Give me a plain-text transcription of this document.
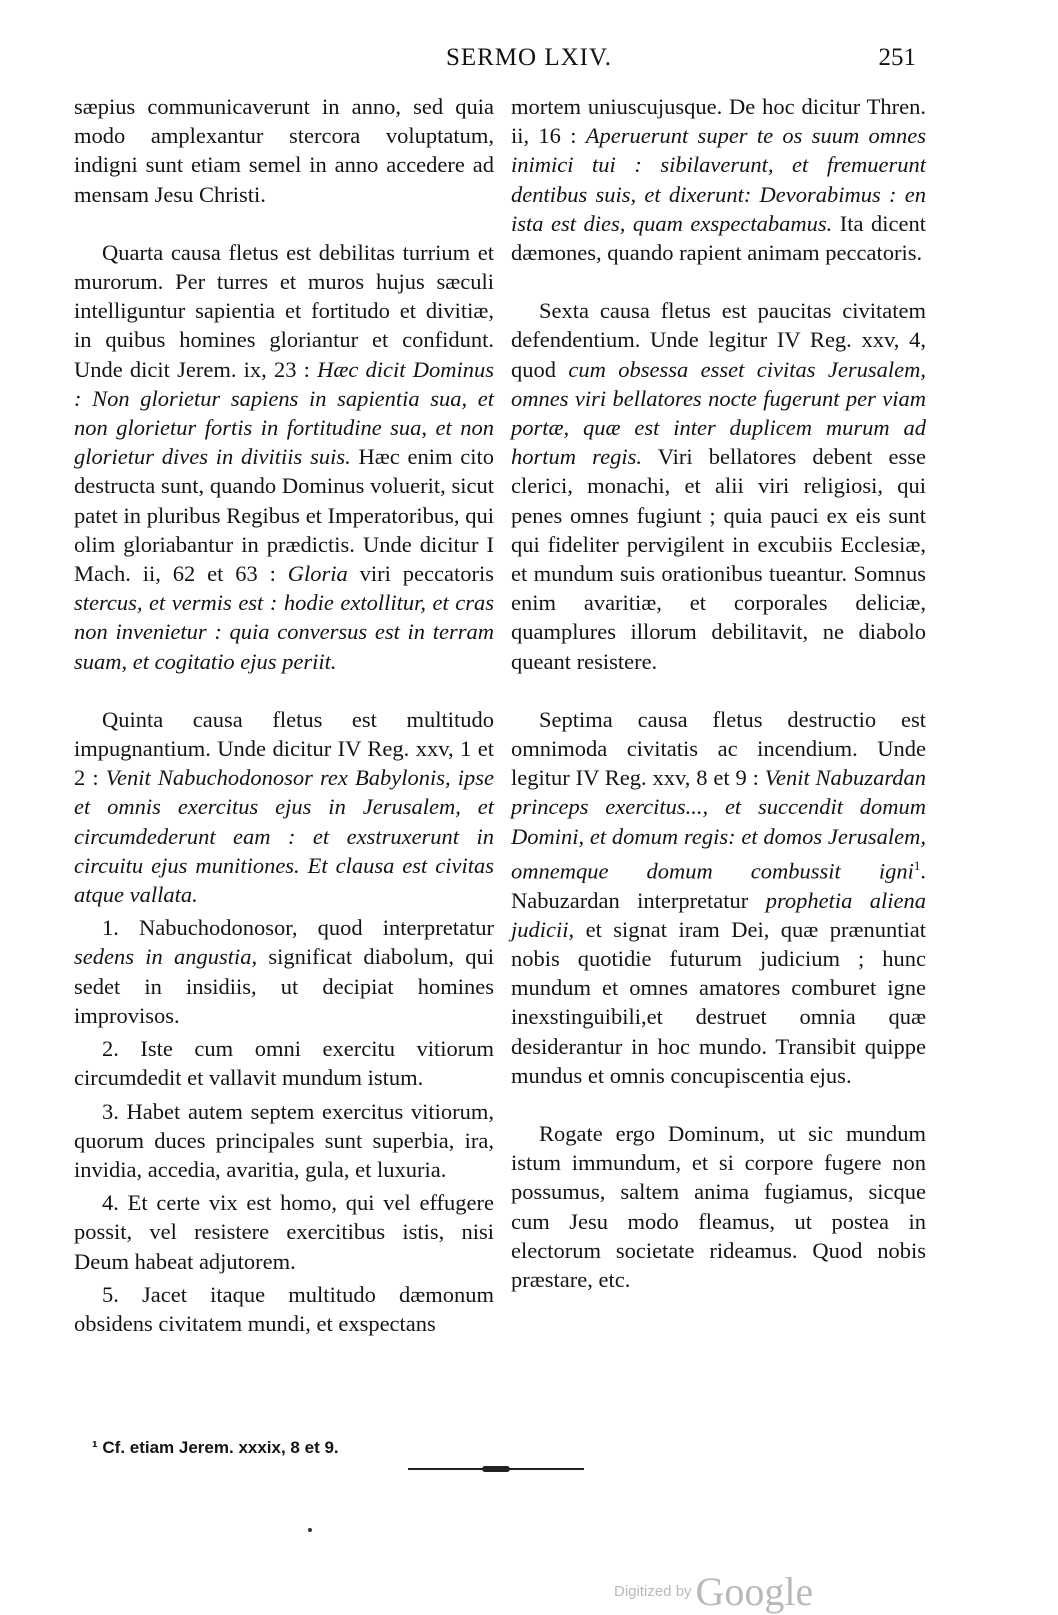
SERMO LXIV.	251

sæpius communicaverunt in anno, sed quia modo amplexantur stercora voluptatum, indigni sunt etiam semel in anno accedere ad mensam Jesu Christi.

Quarta causa fletus est debilitas turrium et murorum. Per turres et muros hujus sæculi intelliguntur sapientia et fortitudo et divitiæ, in quibus homines gloriantur et confidunt. Unde dicit Jerem. ix, 23 : Hæc dicit Dominus : Non glorietur sapiens in sapientia sua, et non glorietur fortis in fortitudine sua, et non glorietur dives in divitiis suis. Hæc enim cito destructa sunt, quando Dominus voluerit, sicut patet in pluribus Regibus et Imperatoribus, qui olim gloriabantur in prædictis. Unde dicitur I Mach. ii, 62 et 63 : Gloria viri peccatoris stercus, et vermis est : hodie extollitur, et cras non invenietur : quia conversus est in terram suam, et cogitatio ejus periit.

Quinta causa fletus est multitudo impugnantium. Unde dicitur IV Reg. xxv, 1 et 2 : Venit Nabuchodonosor rex Babylonis, ipse et omnis exercitus ejus in Jerusalem, et circumdederunt eam : et exstruxerunt in circuitu ejus munitiones. Et clausa est civitas atque vallata.

1. Nabuchodonosor, quod interpretatur sedens in angustia, significat diabolum, qui sedet in insidiis, ut decipiat homines improvisos.

2. Iste cum omni exercitu vitiorum circumdedit et vallavit mundum istum.

3. Habet autem septem exercitus vitiorum, quorum duces principales sunt superbia, ira, invidia, accedia, avaritia, gula, et luxuria.

4. Et certe vix est homo, qui vel effugere possit, vel resistere exercitibus istis, nisi Deum habeat adjutorem.

5. Jacet itaque multitudo dæmonum obsidens civitatem mundi, et exspectans

mortem uniuscujusque. De hoc dicitur Thren. ii, 16 : Aperuerunt super te os suum omnes inimici tui : sibilaverunt, et fremuerunt dentibus suis, et dixerunt: Devorabimus : en ista est dies, quam exspectabamus. Ita dicent dæmones, quando rapient animam peccatoris.

Sexta causa fletus est paucitas civitatem defendentium. Unde legitur IV Reg. xxv, 4, quod cum obsessa esset civitas Jerusalem, omnes viri bellatores nocte fugerunt per viam portæ, quæ est inter duplicem murum ad hortum regis. Viri bellatores debent esse clerici, monachi, et alii viri religiosi, qui penes omnes fugiunt ; quia pauci ex eis sunt qui fideliter pervigilent in excubiis Ecclesiæ, et mundum suis orationibus tueantur. Somnus enim avaritiæ, et corporales deliciæ, quamplures illorum debilitavit, ne diabolo queant resistere.

Septima causa fletus destructio est omnimoda civitatis ac incendium. Unde legitur IV Reg. xxv, 8 et 9 : Venit Nabuzardan princeps exercitus..., et succendit domum Domini, et domum regis: et domos Jerusalem, omnemque domum combussit igni$^1$. Nabuzardan interpretatur prophetia aliena judicii, et signat iram Dei, quæ prænuntiat nobis quotidie futurum judicium ; hunc mundum et omnes amatores comburet igne inexstinguibili,et destruet omnia quæ desiderantur in hoc mundo. Transibit quippe mundus et omnis concupiscentia ejus.

Rogate ergo Dominum, ut sic mundum istum immundum, et si corpore fugere non possumus, saltem anima fugiamus, sicque cum Jesu modo fleamus, ut postea in electorum societate rideamus. Quod nobis præstare, etc.

¹ Cf. etiam Jerem. xxxix, 8 et 9.
Digitized by Google
